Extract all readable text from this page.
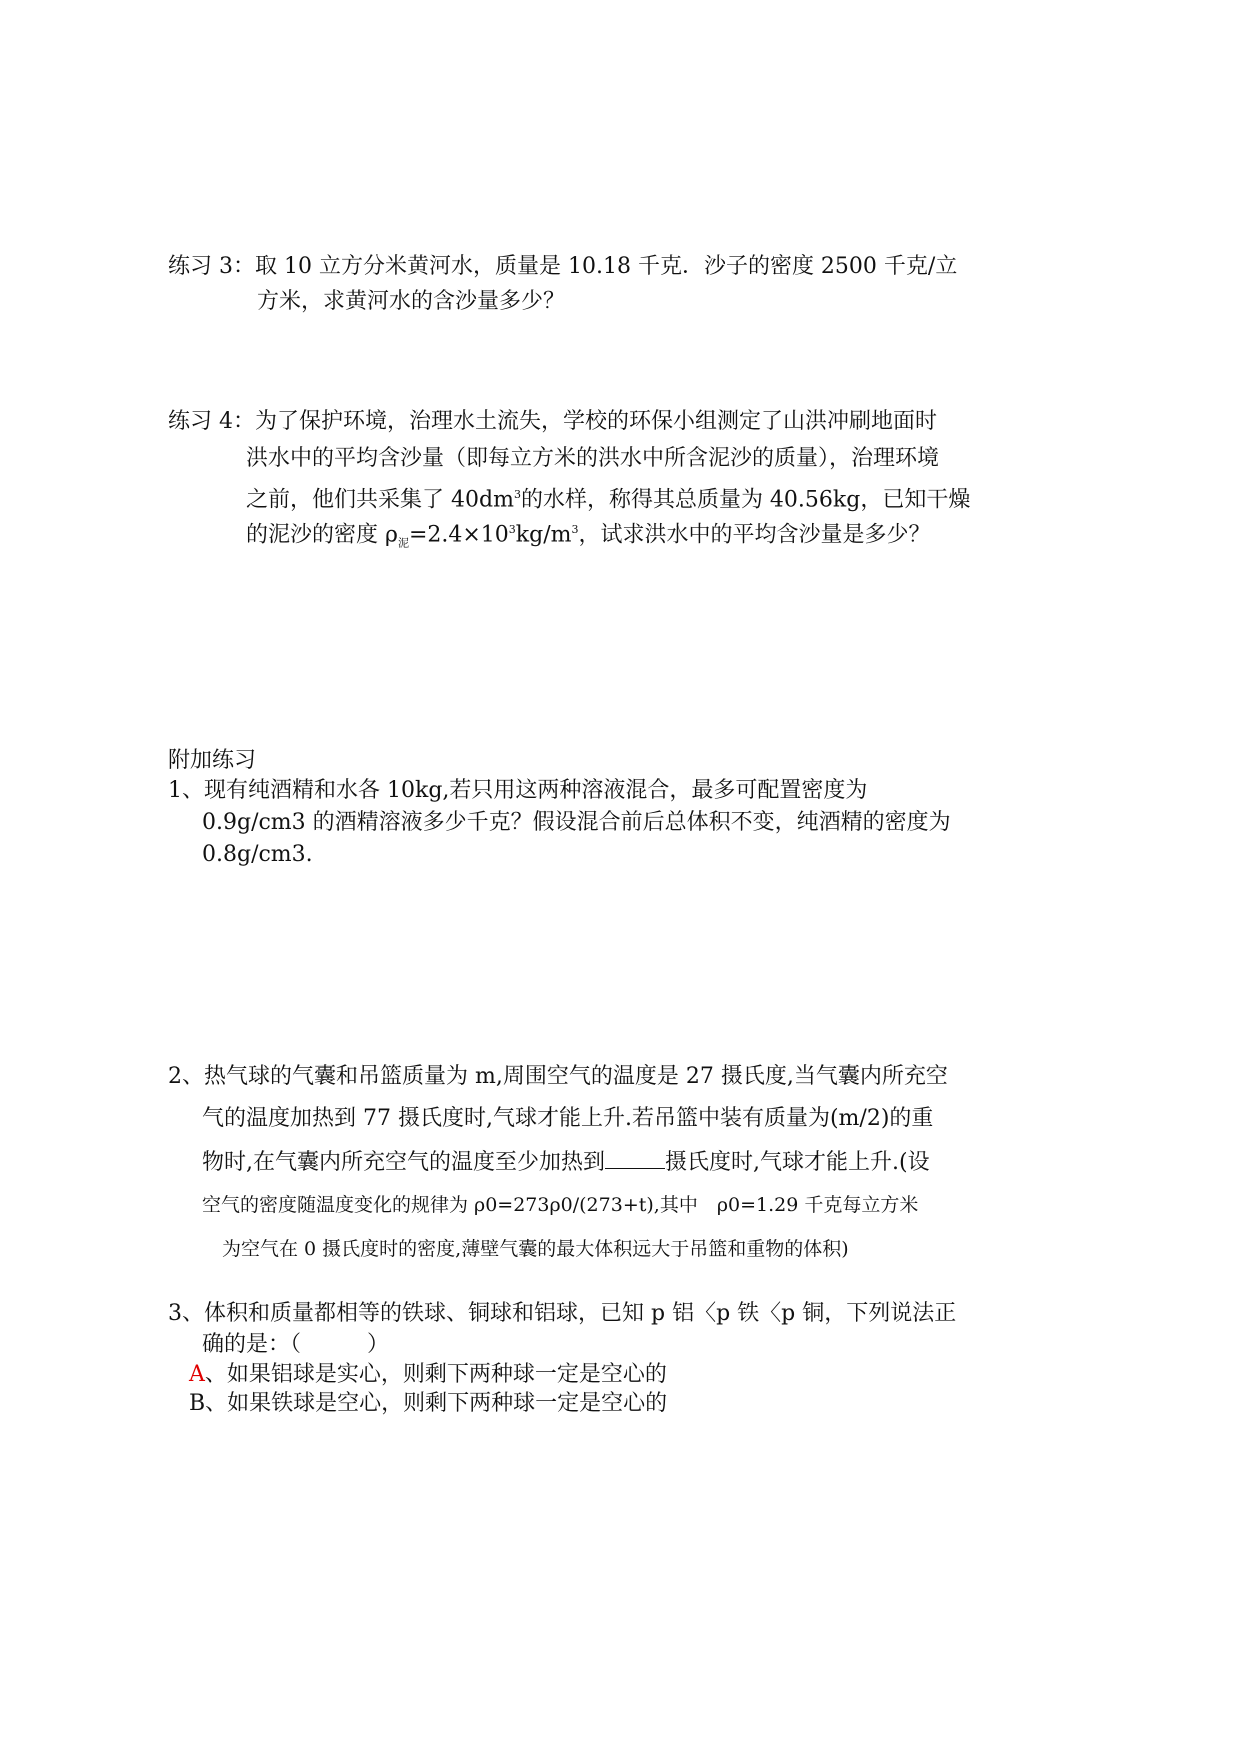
练习 3：取 10 立方分米黄河水，质量是 10.18 千克．沙子的密度 2500 千克/立
方米，求黄河水的含沙量多少？
练习 4：为了保护环境，治理水土流失，学校的环保小组测定了山洪冲刷地面时
洪水中的平均含沙量（即每立方米的洪水中所含泥沙的质量），治理环境
之前，他们共采集了 $40dm^3$的水样，称得其总质量为 40.56kg，已知干燥
的泥沙的密度 $\rho_泥=2.4\times 10^3kg/m^3$，试求洪水中的平均含沙量是多少？
附加练习
1、现有纯酒精和水各 10kg,若只用这两种溶液混合，最多可配置密度为
0.9g/cm3 的酒精溶液多少千克？假设混合前后总体积不变，纯酒精的密度为
0.8g/cm3.
2、热气球的气囊和吊篮质量为 m,周围空气的温度是 27 摄氏度,当气囊内所充空
气的温度加热到 77 摄氏度时,气球才能上升.若吊篮中装有质量为(m/2)的重
物时,在气囊内所充空气的温度至少加热到	摄氏度时,气球才能上升.(设
空气的密度随温度变化的规律为 ρ0=273ρ0/(273+t),其中　ρ0=1.29 千克每立方米
为空气在 0 摄氏度时的密度,薄壁气囊的最大体积远大于吊篮和重物的体积)
3、体积和质量都相等的铁球、铜球和铝球，已知 p 铝〈p 铁〈p 铜，下列说法正
确的是：（　　　）
A、如果铝球是实心，则剩下两种球一定是空心的
B、如果铁球是空心，则剩下两种球一定是空心的
